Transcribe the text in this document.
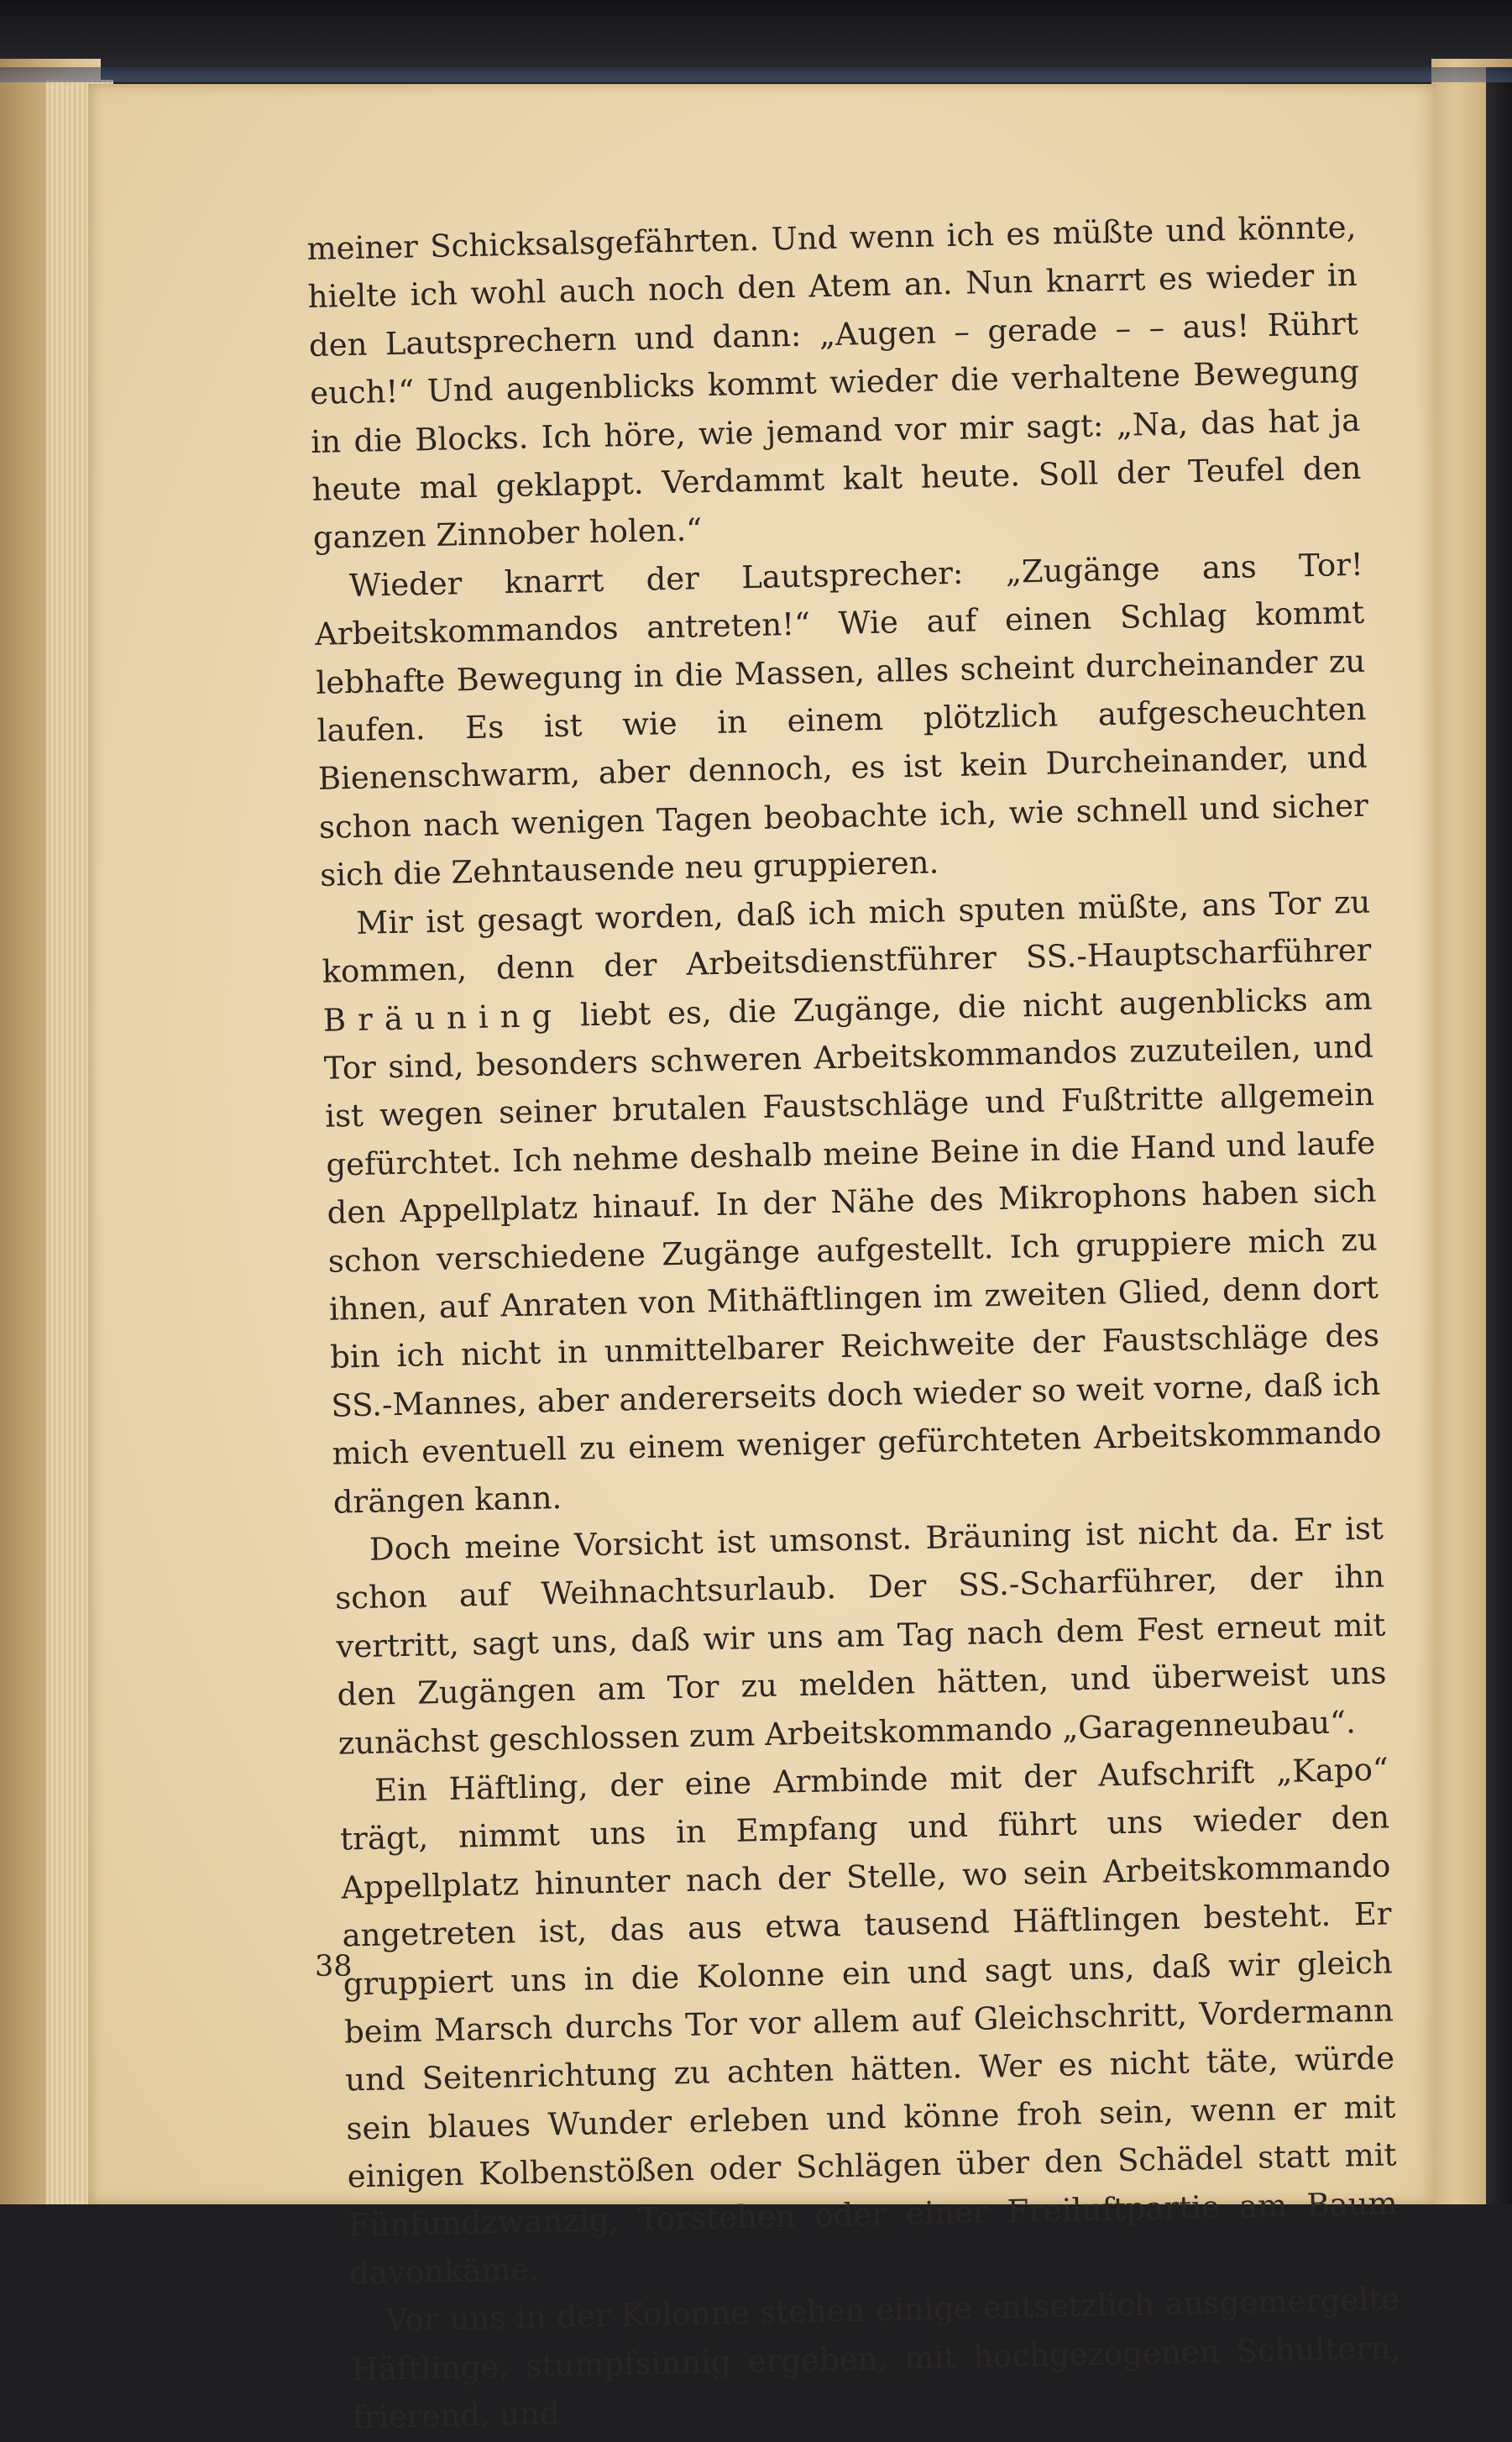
meiner Schicksalsgefährten. Und wenn ich es müßte und könnte, hielte ich wohl auch noch den Atem an. Nun knarrt es wieder in den Lautsprechern und dann: „Augen – gerade – – aus! Rührt euch!“ Und augenblicks kommt wieder die verhaltene Bewegung in die Blocks. Ich höre, wie jemand vor mir sagt: „Na, das hat ja heute mal geklappt. Verdammt kalt heute. Soll der Teufel den ganzen Zinnober holen.“

Wieder knarrt der Lautsprecher: „Zugänge ans Tor! Arbeitskommandos antreten!“ Wie auf einen Schlag kommt lebhafte Bewegung in die Massen, alles scheint durcheinander zu laufen. Es ist wie in einem plötzlich aufgescheuchten Bienenschwarm, aber dennoch, es ist kein Durcheinander, und schon nach wenigen Tagen beobachte ich, wie schnell und sicher sich die Zehntausende neu gruppieren.

Mir ist gesagt worden, daß ich mich sputen müßte, ans Tor zu kommen, denn der Arbeitsdienstführer SS.-Hauptscharführer Bräuning liebt es, die Zugänge, die nicht augenblicks am Tor sind, besonders schweren Arbeitskommandos zuzuteilen, und ist wegen seiner brutalen Faustschläge und Fußtritte allgemein gefürchtet. Ich nehme deshalb meine Beine in die Hand und laufe den Appellplatz hinauf. In der Nähe des Mikrophons haben sich schon verschiedene Zugänge aufgestellt. Ich gruppiere mich zu ihnen, auf Anraten von Mithäftlingen im zweiten Glied, denn dort bin ich nicht in unmittelbarer Reichweite der Faustschläge des SS.-Mannes, aber andererseits doch wieder so weit vorne, daß ich mich eventuell zu einem weniger gefürchteten Arbeitskommando drängen kann.

Doch meine Vorsicht ist umsonst. Bräuning ist nicht da. Er ist schon auf Weihnachtsurlaub. Der SS.-Scharführer, der ihn vertritt, sagt uns, daß wir uns am Tag nach dem Fest erneut mit den Zugängen am Tor zu melden hätten, und überweist uns zunächst geschlossen zum Arbeitskommando „Garagenneubau“.

Ein Häftling, der eine Armbinde mit der Aufschrift „Kapo“ trägt, nimmt uns in Empfang und führt uns wieder den Appellplatz hinunter nach der Stelle, wo sein Arbeitskommando angetreten ist, das aus etwa tausend Häftlingen besteht. Er gruppiert uns in die Kolonne ein und sagt uns, daß wir gleich beim Marsch durchs Tor vor allem auf Gleichschritt, Vordermann und Seitenrichtung zu achten hätten. Wer es nicht täte, würde sein blaues Wunder erleben und könne froh sein, wenn er mit einigen Kolbenstößen oder Schlägen über den Schädel statt mit Fünfundzwanzig, Torstehen oder einer Freiluftpartie am Baum davonkäme.

Vor uns in der Kolonne stehen einige entsetzlich ausgemergelte Häftlinge, stumpfsinnig ergeben, mit hochgezogenen Schultern, frierend, und

38
